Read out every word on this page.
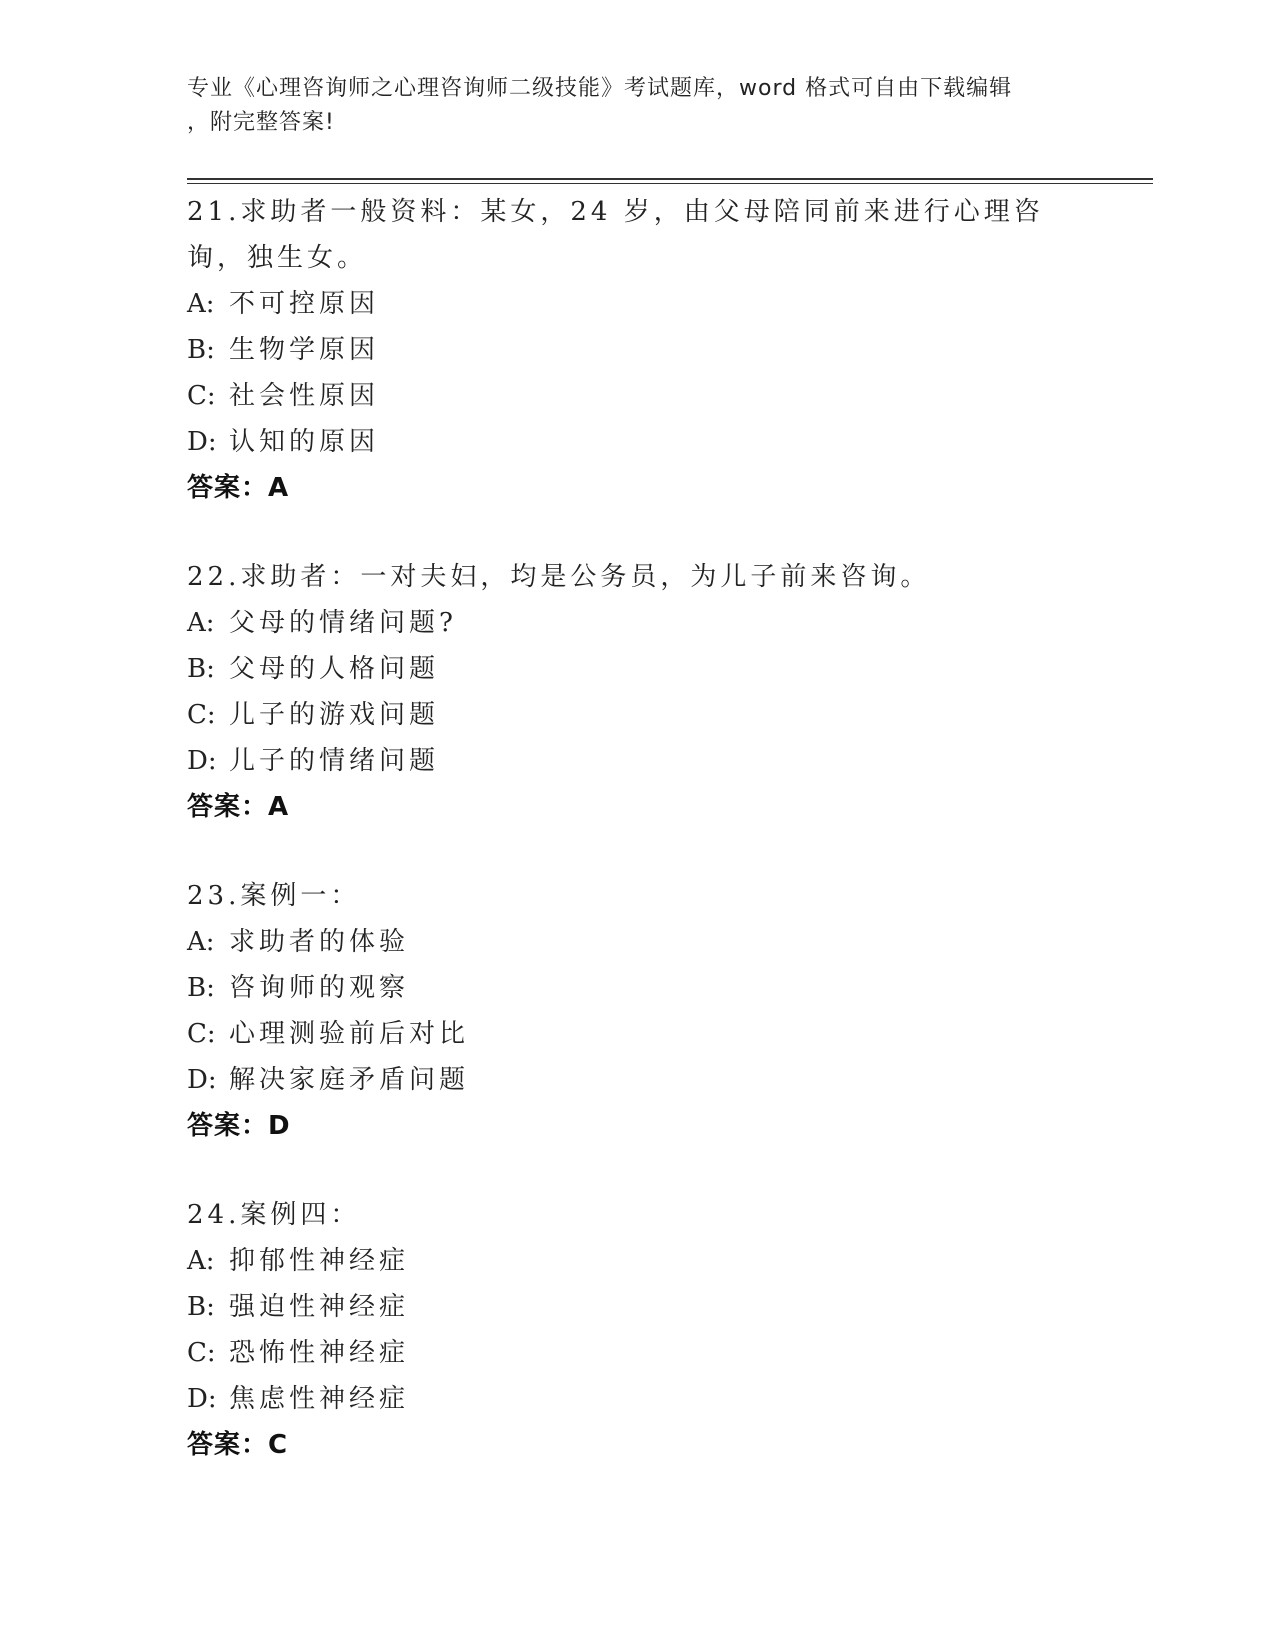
专业《心理咨询师之心理咨询师二级技能》考试题库，word 格式可自由下载编辑
，附完整答案!
21.求助者一般资料：某女，24 岁，由父母陪同前来进行心理咨询，独生女。
A: 不可控原因
B: 生物学原因
C: 社会性原因
D: 认知的原因
答案：A
22.求助者：一对夫妇，均是公务员，为儿子前来咨询。
A: 父母的情绪问题?
B: 父母的人格问题
C: 儿子的游戏问题
D: 儿子的情绪问题
答案：A
23.案例一：
A: 求助者的体验
B: 咨询师的观察
C: 心理测验前后对比
D: 解决家庭矛盾问题
答案：D
24.案例四：
A: 抑郁性神经症
B: 强迫性神经症
C: 恐怖性神经症
D: 焦虑性神经症
答案：C
